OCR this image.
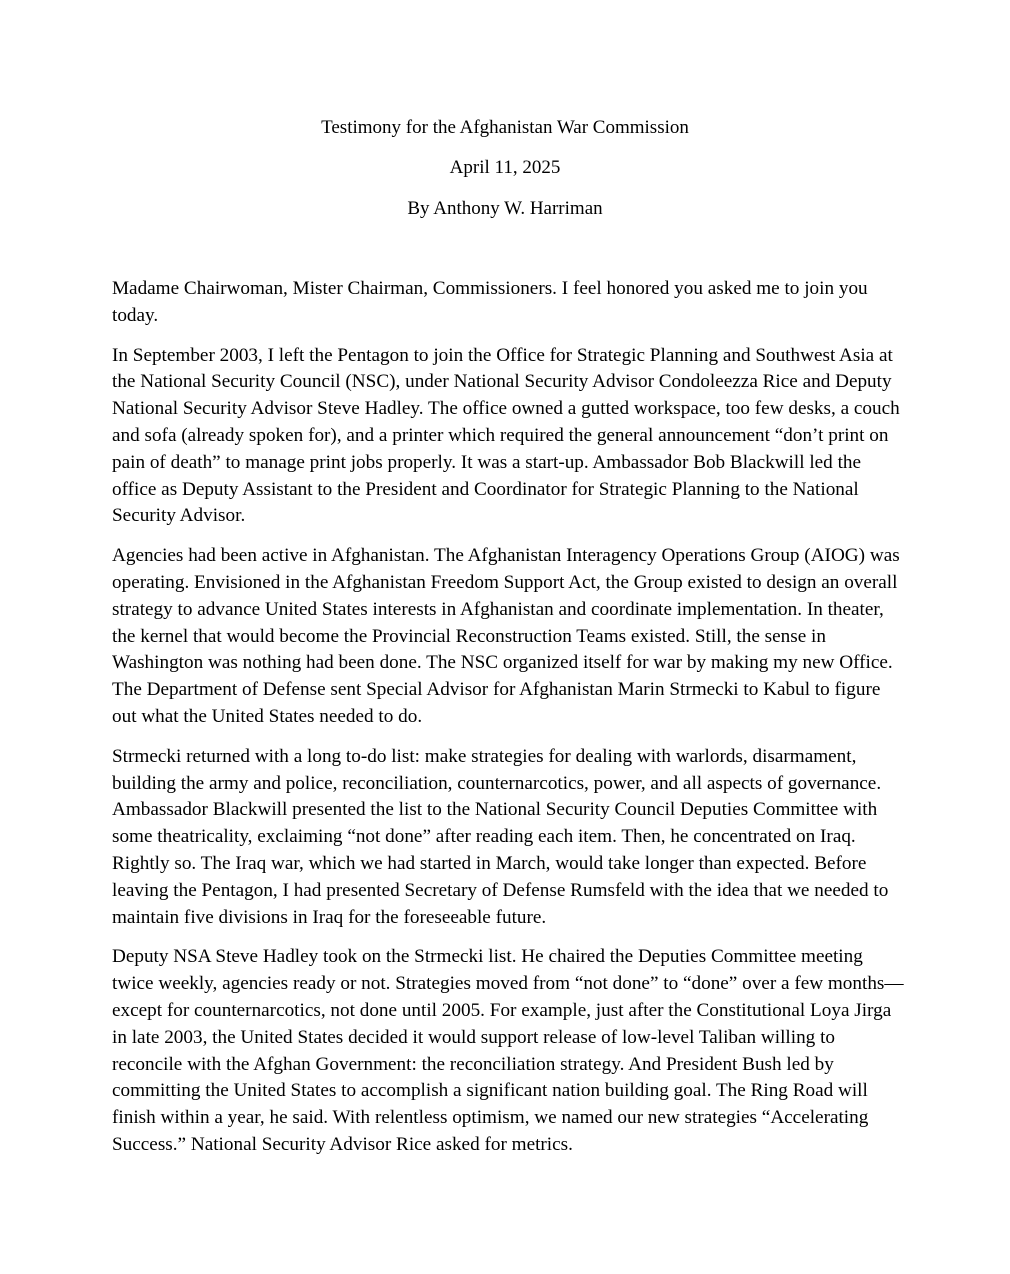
Testimony for the Afghanistan War Commission

April 11, 2025

By Anthony W. Harriman

Madame Chairwoman, Mister Chairman, Commissioners. I feel honored you asked me to join you today.

In September 2003, I left the Pentagon to join the Office for Strategic Planning and Southwest Asia at the National Security Council (NSC), under National Security Advisor Condoleezza Rice and Deputy National Security Advisor Steve Hadley. The office owned a gutted workspace, too few desks, a couch and sofa (already spoken for), and a printer which required the general announcement “don’t print on pain of death” to manage print jobs properly. It was a start-up. Ambassador Bob Blackwill led the office as Deputy Assistant to the President and Coordinator for Strategic Planning to the National Security Advisor.

Agencies had been active in Afghanistan. The Afghanistan Interagency Operations Group (AIOG) was operating. Envisioned in the Afghanistan Freedom Support Act, the Group existed to design an overall strategy to advance United States interests in Afghanistan and coordinate implementation. In theater, the kernel that would become the Provincial Reconstruction Teams existed. Still, the sense in Washington was nothing had been done. The NSC organized itself for war by making my new Office. The Department of Defense sent Special Advisor for Afghanistan Marin Strmecki to Kabul to figure out what the United States needed to do.

Strmecki returned with a long to-do list: make strategies for dealing with warlords, disarmament, building the army and police, reconciliation, counternarcotics, power, and all aspects of governance. Ambassador Blackwill presented the list to the National Security Council Deputies Committee with some theatricality, exclaiming “not done” after reading each item. Then, he concentrated on Iraq. Rightly so. The Iraq war, which we had started in March, would take longer than expected. Before leaving the Pentagon, I had presented Secretary of Defense Rumsfeld with the idea that we needed to maintain five divisions in Iraq for the foreseeable future.

Deputy NSA Steve Hadley took on the Strmecki list. He chaired the Deputies Committee meeting twice weekly, agencies ready or not. Strategies moved from “not done” to “done” over a few months—except for counternarcotics, not done until 2005. For example, just after the Constitutional Loya Jirga in late 2003, the United States decided it would support release of low-level Taliban willing to reconcile with the Afghan Government: the reconciliation strategy. And President Bush led by committing the United States to accomplish a significant nation building goal. The Ring Road will finish within a year, he said. With relentless optimism, we named our new strategies “Accelerating Success.” National Security Advisor Rice asked for metrics.
